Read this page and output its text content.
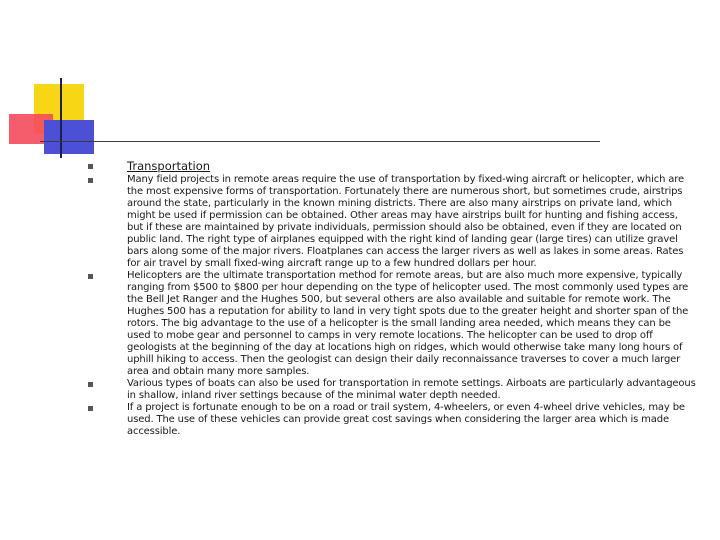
Transportation
Many field projects in remote areas require the use of transportation by fixed-wing aircraft or helicopter, which are the most expensive forms of transportation. Fortunately there are numerous short, but sometimes crude, airstrips around the state, particularly in the known mining districts. There are also many airstrips on private land, which might be used if permission can be obtained. Other areas may have airstrips built for hunting and fishing access, but if these are maintained by private individuals, permission should also be obtained, even if they are located on public land. The right type of airplanes equipped with the right kind of landing gear (large tires) can utilize gravel bars along some of the major rivers. Floatplanes can access the larger rivers as well as lakes in some areas. Rates for air travel by small fixed-wing aircraft range up to a few hundred dollars per hour.
Helicopters are the ultimate transportation method for remote areas, but are also much more expensive, typically ranging from $500 to $800 per hour depending on the type of helicopter used. The most commonly used types are the Bell Jet Ranger and the Hughes 500, but several others are also available and suitable for remote work. The Hughes 500 has a reputation for ability to land in very tight spots due to the greater height and shorter span of the rotors. The big advantage to the use of a helicopter is the small landing area needed, which means they can be used to mobe gear and personnel to camps in very remote locations. The helicopter can be used to drop off geologists at the beginning of the day at locations high on ridges, which would otherwise take many long hours of uphill hiking to access. Then the geologist can design their daily reconnaissance traverses to cover a much larger area and obtain many more samples.
Various types of boats can also be used for transportation in remote settings. Airboats are particularly advantageous in shallow, inland river settings because of the minimal water depth needed.
If a project is fortunate enough to be on a road or trail system, 4-wheelers, or even 4-wheel drive vehicles, may be used. The use of these vehicles can provide great cost savings when considering the larger area which is made accessible.
